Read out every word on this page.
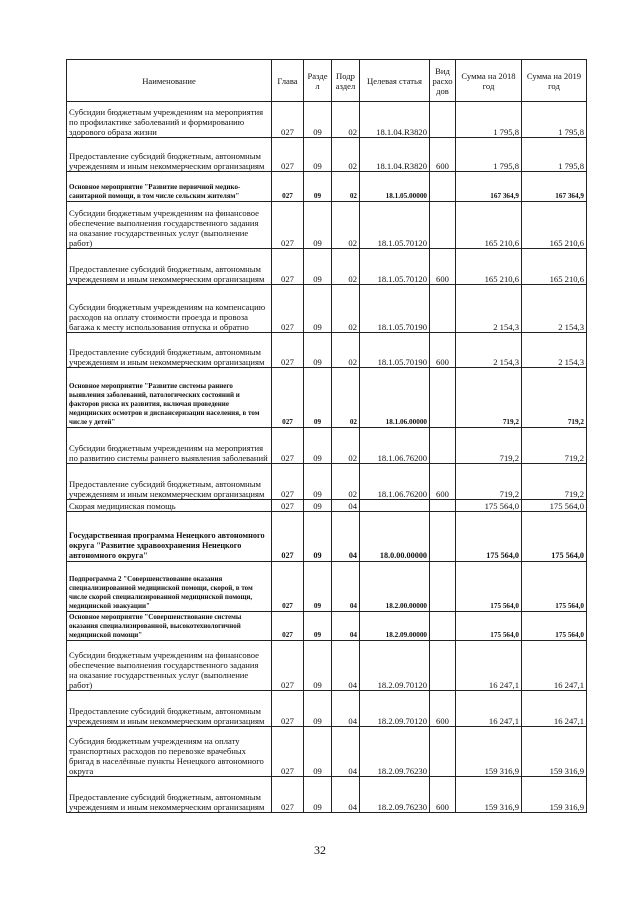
Наименование	Глава	Разде л	Подр аздел	Целевая статья	Вид расхо дов	Сумма на 2018 год	Сумма на 2019 год
Субсидии бюджетным учреждениям на мероприятия по профилактике заболеваний и формированию здорового образа жизни	027	09	02	18.1.04.R3820		1 795,8	1 795,8
Предоставление субсидий бюджетным, автономным учреждениям и иным некоммерческим организациям	027	09	02	18.1.04.R3820	600	1 795,8	1 795,8
Основное мероприятие "Развитие первичной медико-санитарной помощи, в том числе сельским жителям"	027	09	02	18.1.05.00000		167 364,9	167 364,9
Субсидии бюджетным учреждениям на финансовое обеспечение выполнения государственного задания на оказание государственных услуг (выполнение работ)	027	09	02	18.1.05.70120		165 210,6	165 210,6
Предоставление субсидий бюджетным, автономным учреждениям и иным некоммерческим организациям	027	09	02	18.1.05.70120	600	165 210,6	165 210,6
Субсидии бюджетным учреждениям на компенсацию расходов на оплату стоимости проезда и провоза багажа к месту использования отпуска и обратно	027	09	02	18.1.05.70190		2 154,3	2 154,3
Предоставление субсидий бюджетным, автономным учреждениям и иным некоммерческим организациям	027	09	02	18.1.05.70190	600	2 154,3	2 154,3
Основное мероприятие "Развитие системы раннего выявления заболеваний, патологических состояний и факторов риска их развития, включая проведение медицинских осмотров и диспансеризации населения, в том числе у детей"	027	09	02	18.1.06.00000		719,2	719,2
Субсидии бюджетным учреждениям на мероприятия по развитию системы раннего выявления заболеваний	027	09	02	18.1.06.76200		719,2	719,2
Предоставление субсидий бюджетным, автономным учреждениям и иным некоммерческим организациям	027	09	02	18.1.06.76200	600	719,2	719,2
Скорая медицинская помощь	027	09	04			175 564,0	175 564,0
Государственная программа Ненецкого автономного округа "Развитие здравоохранения Ненецкого автономного округа"	027	09	04	18.0.00.00000		175 564,0	175 564,0
Подпрограмма 2 "Совершенствование оказания специализированной медицинской помощи, скорой, в том числе скорой специализированной медицинской помощи, медицинской эвакуации"	027	09	04	18.2.00.00000		175 564,0	175 564,0
Основное мероприятие "Совершенствование системы оказания специализированной, высокотехнологичной медицинской помощи"	027	09	04	18.2.09.00000		175 564,0	175 564,0
Субсидии бюджетным учреждениям на финансовое обеспечение выполнения государственного задания на оказание государственных услуг (выполнение работ)	027	09	04	18.2.09.70120		16 247,1	16 247,1
Предоставление субсидий бюджетным, автономным учреждениям и иным некоммерческим организациям	027	09	04	18.2.09.70120	600	16 247,1	16 247,1
Субсидия бюджетным учреждениям на оплату транспортных расходов по перевозке врачебных бригад в населённые пункты Ненецкого автономного округа	027	09	04	18.2.09.76230		159 316,9	159 316,9
Предоставление субсидий бюджетным, автономным учреждениям и иным некоммерческим организациям	027	09	04	18.2.09.76230	600	159 316,9	159 316,9
32
